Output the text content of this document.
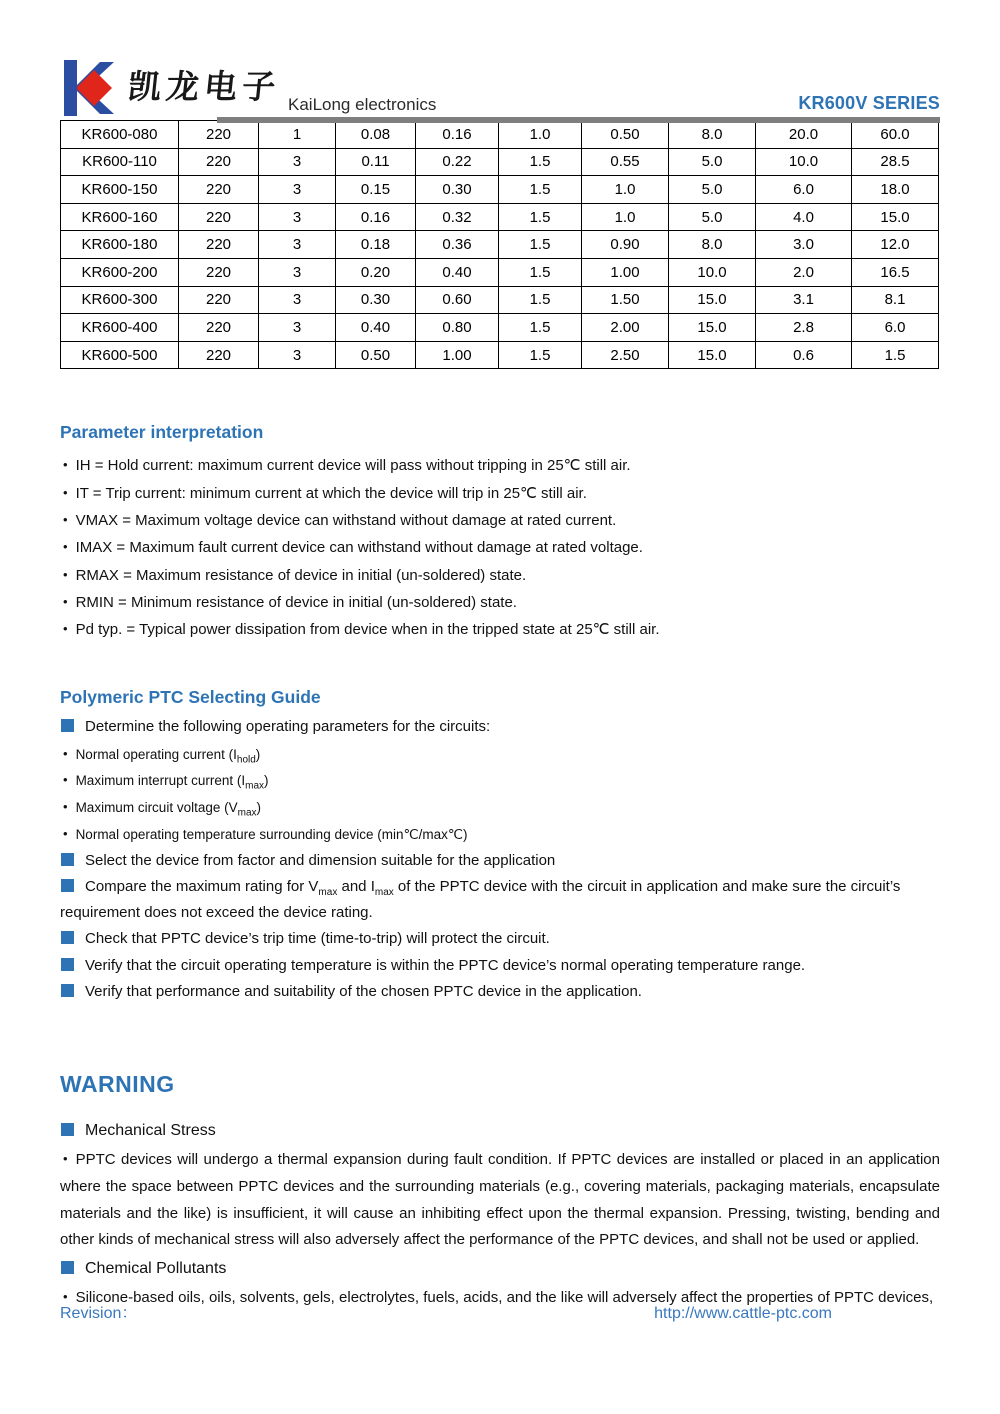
凯龙电子 KaiLong electronics	KR600V SERIES
KR600-080	220	1	0.08	0.16	1.0	0.50	8.0	20.0	60.0
KR600-110	220	3	0.11	0.22	1.5	0.55	5.0	10.0	28.5
KR600-150	220	3	0.15	0.30	1.5	1.0	5.0	6.0	18.0
KR600-160	220	3	0.16	0.32	1.5	1.0	5.0	4.0	15.0
KR600-180	220	3	0.18	0.36	1.5	0.90	8.0	3.0	12.0
KR600-200	220	3	0.20	0.40	1.5	1.00	10.0	2.0	16.5
KR600-300	220	3	0.30	0.60	1.5	1.50	15.0	3.1	8.1
KR600-400	220	3	0.40	0.80	1.5	2.00	15.0	2.8	6.0
KR600-500	220	3	0.50	1.00	1.5	2.50	15.0	0.6	1.5
Parameter interpretation
• IH = Hold current: maximum current device will pass without tripping in 25℃ still air.
• IT = Trip current: minimum current at which the device will trip in 25℃ still air.
• VMAX = Maximum voltage device can withstand without damage at rated current.
• IMAX = Maximum fault current device can withstand without damage at rated voltage.
• RMAX = Maximum resistance of device in initial (un-soldered) state.
• RMIN = Minimum resistance of device in initial (un-soldered) state.
• Pd typ. = Typical power dissipation from device when in the tripped state at 25℃ still air.
Polymeric PTC Selecting Guide
Determine the following operating parameters for the circuits:
• Normal operating current $(I_{hold})$
• Maximum interrupt current $(I_{max})$
• Maximum circuit voltage $(V_{max})$
• Normal operating temperature surrounding device (min℃/max℃)
Select the device from factor and dimension suitable for the application
Compare the maximum rating for $V_{max}$ and $I_{max}$ of the PPTC device with the circuit in application and make sure the circuit’s requirement does not exceed the device rating.
Check that PPTC device’s trip time (time-to-trip) will protect the circuit.
Verify that the circuit operating temperature is within the PPTC device’s normal operating temperature range.
Verify that performance and suitability of the chosen PPTC device in the application.
WARNING
Mechanical Stress
• PPTC devices will undergo a thermal expansion during fault condition. If PPTC devices are installed or placed in an application where the space between PPTC devices and the surrounding materials (e.g., covering materials, packaging materials, encapsulate materials and the like) is insufficient, it will cause an inhibiting effect upon the thermal expansion. Pressing, twisting, bending and other kinds of mechanical stress will also adversely affect the performance of the PPTC devices, and shall not be used or applied.
Chemical Pollutants
• Silicone-based oils, oils, solvents, gels, electrolytes, fuels, acids, and the like will adversely affect the properties of PPTC devices,
Revision：	http://www.cattle-ptc.com
